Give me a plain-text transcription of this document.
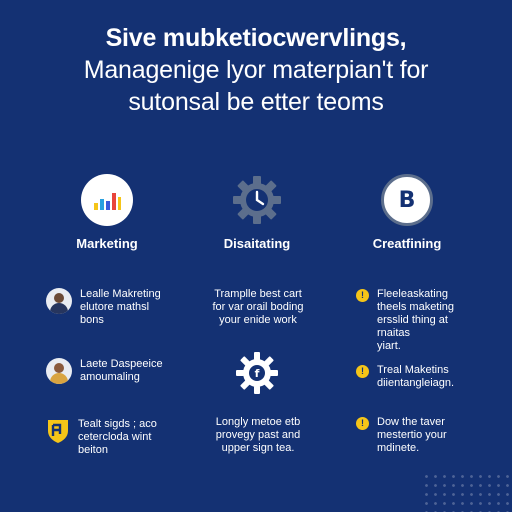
Sive mubketiocwervlings,
Managenige lyor materpian't for
sutonsal be etter teoms
Marketing	Disaitating
B
Creatfining
Lealle Makreting
elutore mathsl
bons
Laete Daspeeice
amoumaling
Tealt sigds ; aco
cetercloda wint
beiton
Tramplle best cart
for var orail boding
your enide work
f
Longly metoe etb
provegy past and
upper sign tea.
!	Fleeleaskating
theels maketing
ersslid thing at
rnaitas
yiart.
!	Treal Maketins
diientangleiagn.
!	Dow the taver
mestertio your
mdinete.
